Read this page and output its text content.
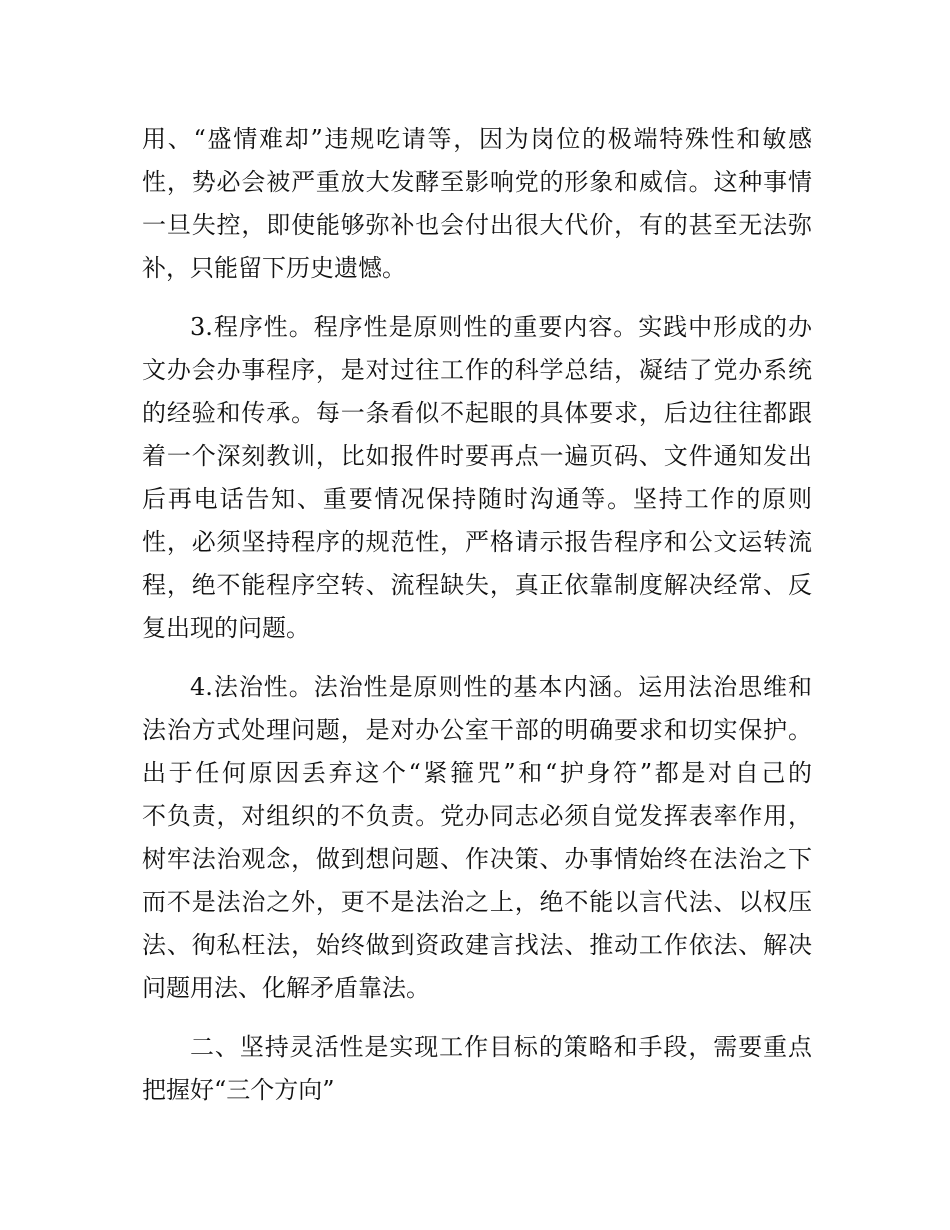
用、“盛情难却”违规吃请等，因为岗位的极端特殊性和敏感
性，势必会被严重放大发酵至影响党的形象和威信。这种事情
一旦失控，即使能够弥补也会付出很大代价，有的甚至无法弥
补，只能留下历史遗憾。
3.程序性。程序性是原则性的重要内容。实践中形成的办
文办会办事程序，是对过往工作的科学总结，凝结了党办系统
的经验和传承。每一条看似不起眼的具体要求，后边往往都跟
着一个深刻教训，比如报件时要再点一遍页码、文件通知发出
后再电话告知、重要情况保持随时沟通等。坚持工作的原则
性，必须坚持程序的规范性，严格请示报告程序和公文运转流
程，绝不能程序空转、流程缺失，真正依靠制度解决经常、反
复出现的问题。
4.法治性。法治性是原则性的基本内涵。运用法治思维和
法治方式处理问题，是对办公室干部的明确要求和切实保护。
出于任何原因丢弃这个“紧箍咒”和“护身符”都是对自己的
不负责，对组织的不负责。党办同志必须自觉发挥表率作用，
树牢法治观念，做到想问题、作决策、办事情始终在法治之下
而不是法治之外，更不是法治之上，绝不能以言代法、以权压
法、徇私枉法，始终做到资政建言找法、推动工作依法、解决
问题用法、化解矛盾靠法。
二、坚持灵活性是实现工作目标的策略和手段，需要重点
把握好“三个方向”
